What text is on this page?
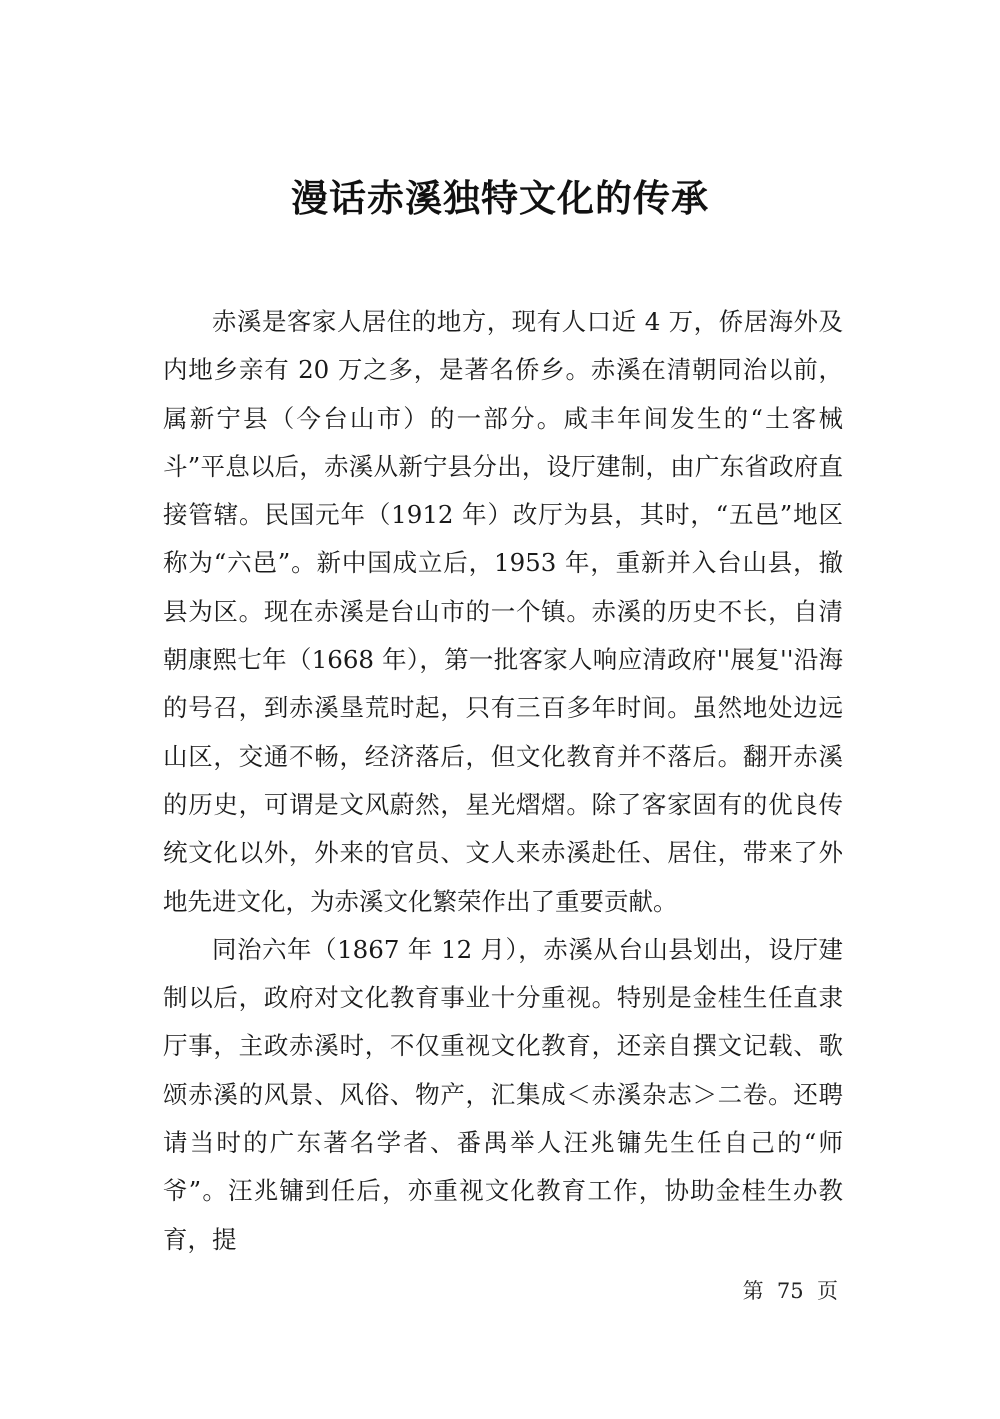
漫话赤溪独特文化的传承

赤溪是客家人居住的地方，现有人口近 4 万，侨居海外及内地乡亲有 20 万之多，是著名侨乡。赤溪在清朝同治以前，属新宁县（今台山市）的一部分。咸丰年间发生的“土客械斗”平息以后，赤溪从新宁县分出，设厅建制，由广东省政府直接管辖。民国元年（1912 年）改厅为县，其时，“五邑”地区称为“六邑”。新中国成立后，1953 年，重新并入台山县，撤县为区。现在赤溪是台山市的一个镇。赤溪的历史不长，自清朝康熙七年（1668 年），第一批客家人响应清政府''展复''沿海的号召，到赤溪垦荒时起，只有三百多年时间。虽然地处边远山区，交通不畅，经济落后，但文化教育并不落后。翻开赤溪的历史，可谓是文风蔚然，星光熠熠。除了客家固有的优良传统文化以外，外来的官员、文人来赤溪赴任、居住，带来了外地先进文化，为赤溪文化繁荣作出了重要贡献。

同治六年（1867 年 12 月），赤溪从台山县划出，设厅建制以后，政府对文化教育事业十分重视。特别是金桂生任直隶厅事，主政赤溪时，不仅重视文化教育，还亲自撰文记载、歌颂赤溪的风景、风俗、物产，汇集成＜赤溪杂志＞二卷。还聘请当时的广东著名学者、番禺举人汪兆镛先生任自己的“师爷”。汪兆镛到任后，亦重视文化教育工作，协助金桂生办教育，提

第  75  页
